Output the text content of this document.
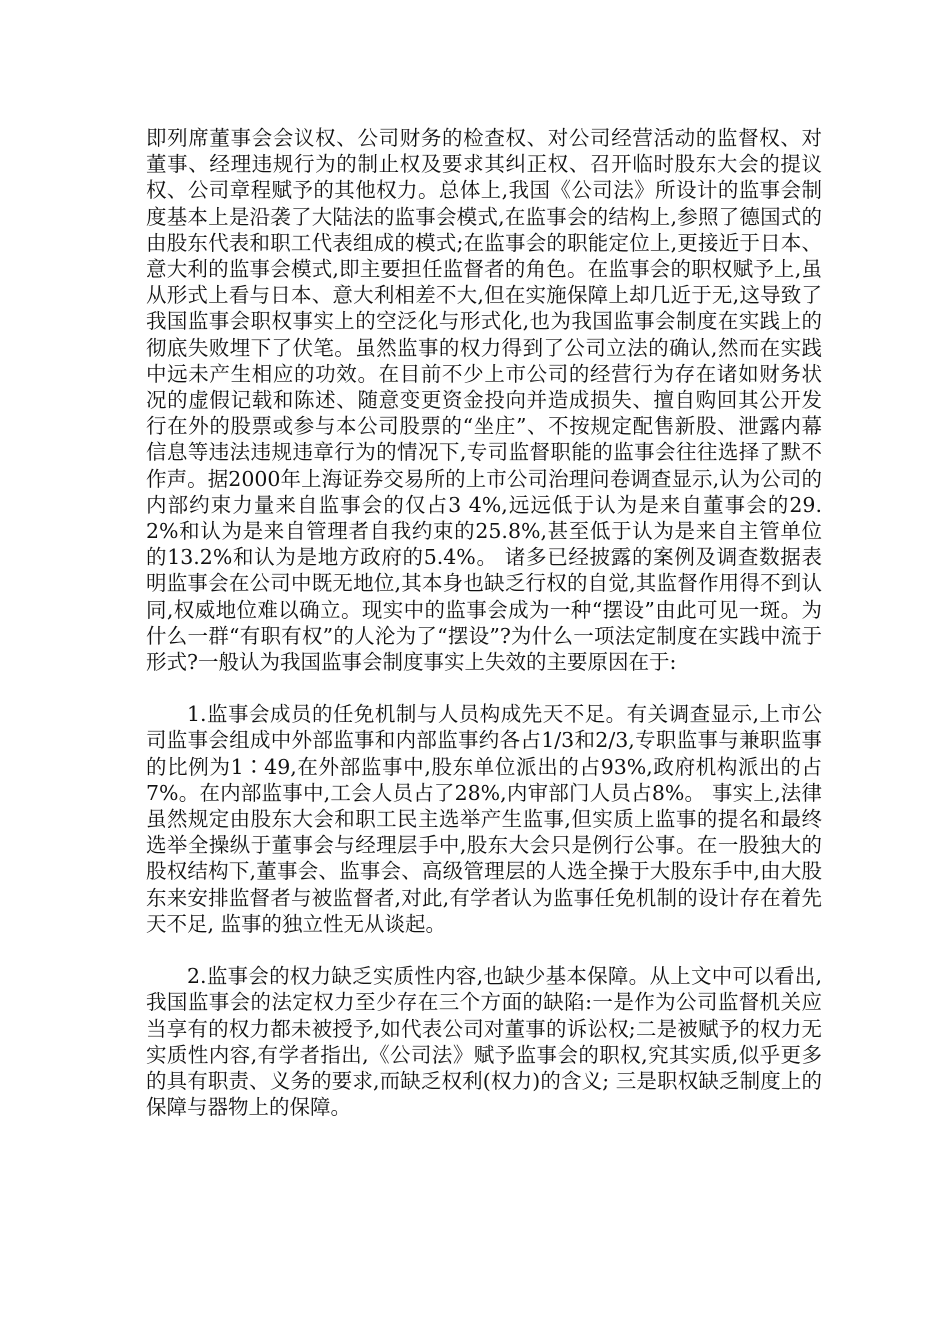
即列席董事会会议权、公司财务的检查权、对公司经营活动的监督权、对董事、经理违规行为的制止权及要求其纠正权、召开临时股东大会的提议权、公司章程赋予的其他权力。总体上,我国《公司法》所设计的监事会制度基本上是沿袭了大陆法的监事会模式,在监事会的结构上,参照了德国式的由股东代表和职工代表组成的模式;在监事会的职能定位上,更接近于日本、意大利的监事会模式,即主要担任监督者的角色。在监事会的职权赋予上,虽从形式上看与日本、意大利相差不大,但在实施保障上却几近于无,这导致了我国监事会职权事实上的空泛化与形式化,也为我国监事会制度在实践上的彻底失败埋下了伏笔。虽然监事的权力得到了公司立法的确认,然而在实践中远未产生相应的功效。在目前不少上市公司的经营行为存在诸如财务状况的虚假记载和陈述、随意变更资金投向并造成损失、擅自购回其公开发行在外的股票或参与本公司股票的“坐庄”、不按规定配售新股、泄露内幕信息等违法违规违章行为的情况下,专司监督职能的监事会往往选择了默不作声。据2000年上海证券交易所的上市公司治理问卷调查显示,认为公司的内部约束力量来自监事会的仅占3 4%,远远低于认为是来自董事会的29.2%和认为是来自管理者自我约束的25.8%,甚至低于认为是来自主管单位的13.2%和认为是地方政府的5.4%。 诸多已经披露的案例及调查数据表明监事会在公司中既无地位,其本身也缺乏行权的自觉,其监督作用得不到认同,权威地位难以确立。现实中的监事会成为一种“摆设”由此可见一斑。为什么一群“有职有权”的人沦为了“摆设”?为什么一项法定制度在实践中流于形式?一般认为我国监事会制度事实上失效的主要原因在于:

1.监事会成员的任免机制与人员构成先天不足。有关调查显示,上市公司监事会组成中外部监事和内部监事约各占1/3和2/3,专职监事与兼职监事的比例为1∶49,在外部监事中,股东单位派出的占93%,政府机构派出的占7%。在内部监事中,工会人员占了28%,内审部门人员占8%。 事实上,法律虽然规定由股东大会和职工民主选举产生监事,但实质上监事的提名和最终选举全操纵于董事会与经理层手中,股东大会只是例行公事。在一股独大的股权结构下,董事会、监事会、高级管理层的人选全操于大股东手中,由大股东来安排监督者与被监督者,对此,有学者认为监事任免机制的设计存在着先天不足, 监事的独立性无从谈起。

2.监事会的权力缺乏实质性内容,也缺少基本保障。从上文中可以看出,我国监事会的法定权力至少存在三个方面的缺陷:一是作为公司监督机关应当享有的权力都未被授予,如代表公司对董事的诉讼权;二是被赋予的权力无实质性内容,有学者指出,《公司法》赋予监事会的职权,究其实质,似乎更多的具有职责、义务的要求,而缺乏权利(权力)的含义; 三是职权缺乏制度上的保障与器物上的保障。
